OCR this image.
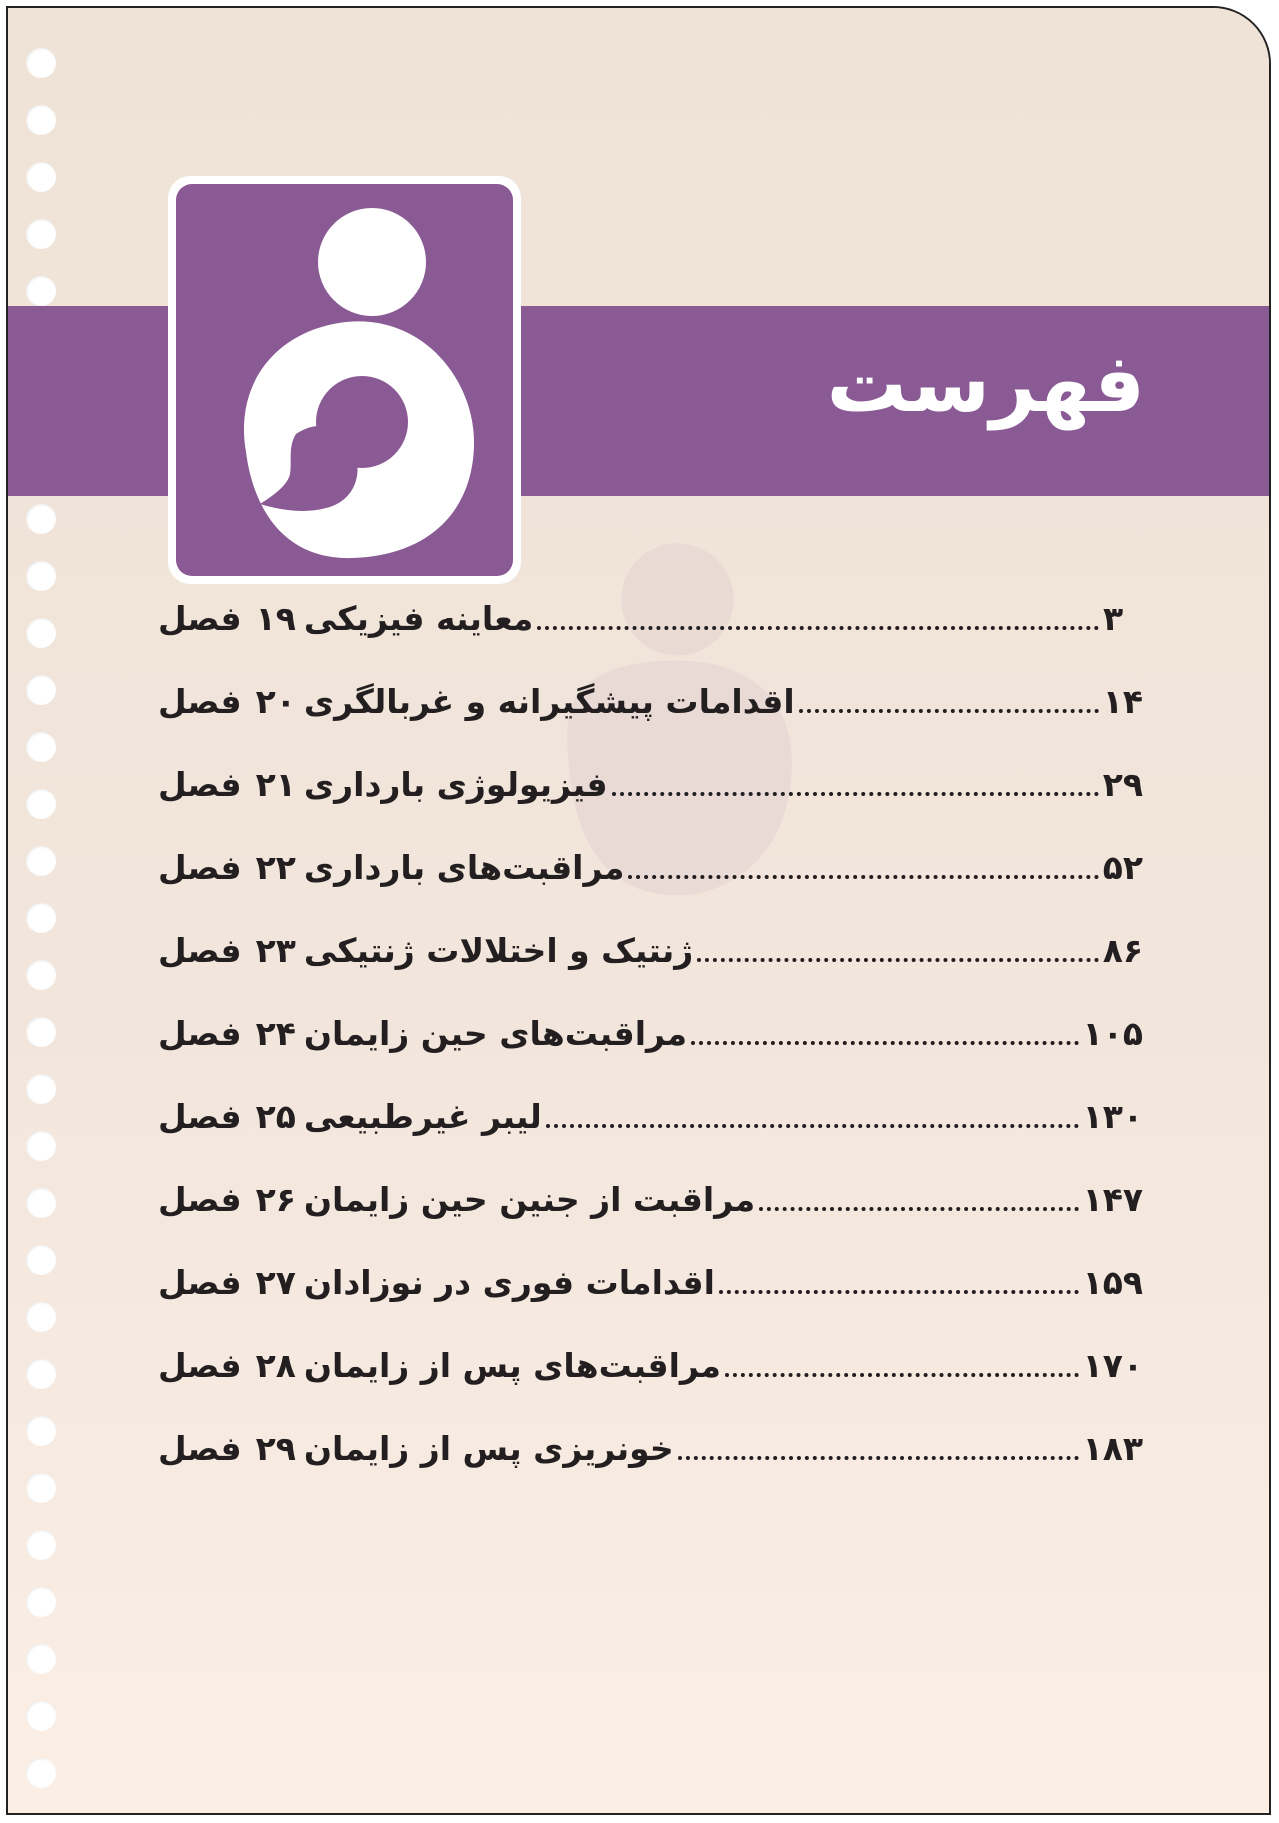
فهرست
فصل ۱۹ معاینه فیزیکی	۳
فصل ۲۰ اقدامات پیشگیرانه و غربالگری	۱۴
فصل ۲۱ فیزیولوژی بارداری	۲۹
فصل ۲۲ مراقبت‌های بارداری	۵۲
فصل ۲۳ ژنتیک و اختلالات ژنتیکی	۸۶
فصل ۲۴ مراقبت‌های حین زایمان	۱۰۵
فصل ۲۵ لیبر غیرطبیعی	۱۳۰
فصل ۲۶ مراقبت از جنین حین زایمان	۱۴۷
فصل ۲۷ اقدامات فوری در نوزادان	۱۵۹
فصل ۲۸ مراقبت‌های پس از زایمان	۱۷۰
فصل ۲۹ خونریزی پس از زایمان	۱۸۳
